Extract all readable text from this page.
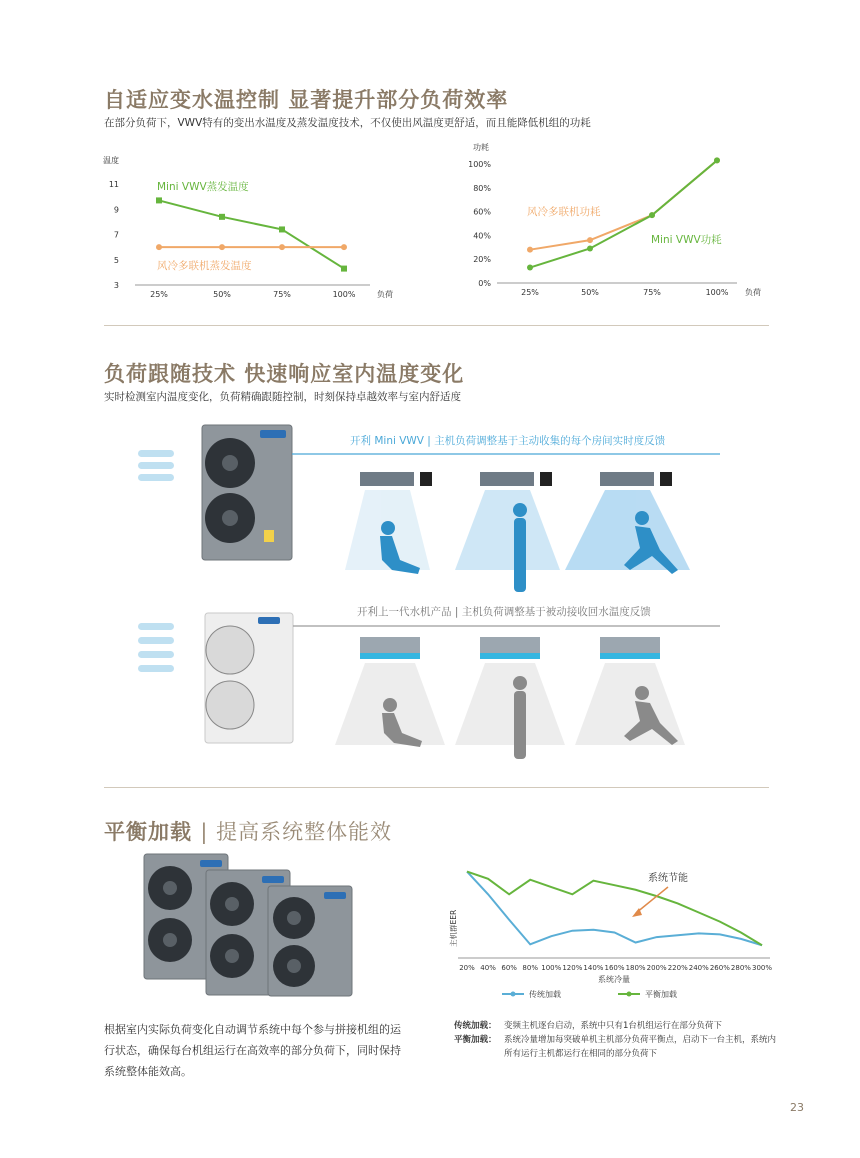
自适应变水温控制 显著提升部分负荷效率
在部分负荷下，VWV特有的变出水温度及蒸发温度技术，不仅使出风温度更舒适，而且能降低机组的功耗
温度
11
9
7
5
3
25%	50%	75%	100%	负荷
Mini VWV蒸发温度
风冷多联机蒸发温度
功耗
100%
80%
60%
40%
20%
0%
25%	50%	75%	100% 负荷
风冷多联机功耗
Mini VWV功耗
负荷跟随技术 快速响应室内温度变化
实时检测室内温度变化，负荷精确跟随控制，时刻保持卓越效率与室内舒适度
开利 Mini VWV | 主机负荷调整基于主动收集的每个房间实时度反馈
开利上一代水机产品 | 主机负荷调整基于被动接收回水温度反馈
平衡加载 | 提高系统整体能效
主机群EER
20% 40% 60% 80% 100% 120% 140% 160% 180% 200% 220% 240% 260% 280% 300%
系统冷量
系统节能
传统加载	平衡加载
根据室内实际负荷变化自动调节系统中每个参与拼接机组的运行状态，确保每台机组运行在高效率的部分负荷下，同时保持系统整体能效高。
传统加载： 变频主机逐台启动，系统中只有1台机组运行在部分负荷下
平衡加载： 系统冷量增加每突破单机主机部分负荷平衡点，启动下一台主机，系统内所有运行主机都运行在相同的部分负荷下
23
